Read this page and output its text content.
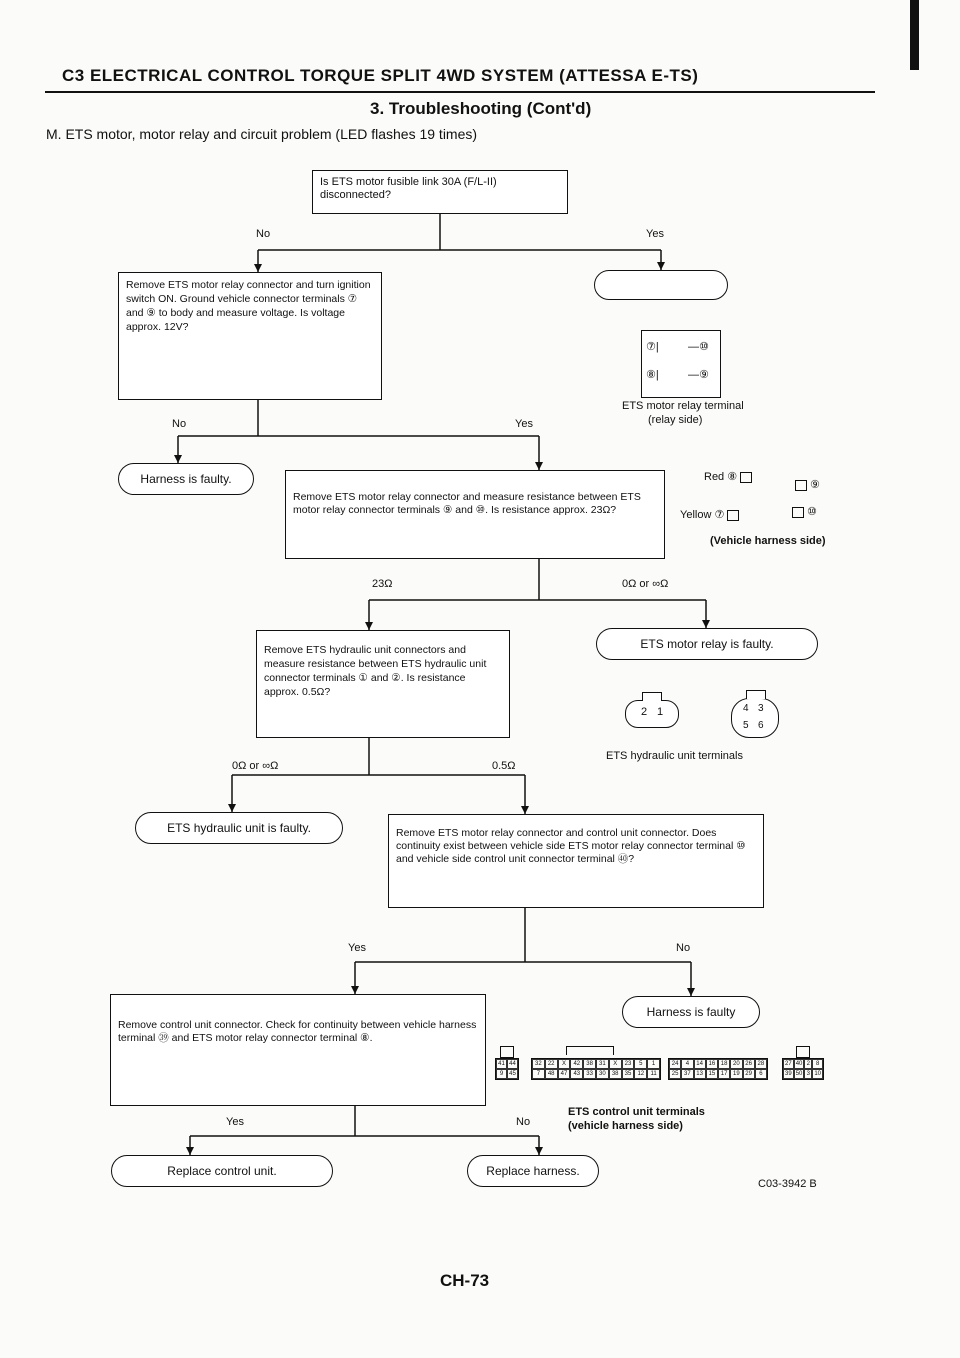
C3 ELECTRICAL CONTROL TORQUE SPLIT 4WD SYSTEM (ATTESSA E-TS)
3. Troubleshooting (Cont'd)
M. ETS motor, motor relay and circuit problem (LED flashes 19 times)
Is ETS motor fusible link 30A (F/L-II) disconnected?
No	Yes
Remove ETS motor relay connector and turn ignition switch ON. Ground vehicle connector terminals ⑦ and ⑨ to body and measure voltage. Is voltage approx. 12V?
⑦|	—⑩
⑧|	—⑨
ETS motor relay terminal
(relay side)
No	Yes
Harness is faulty.
Remove ETS motor relay connector and measure resistance between ETS motor relay connector terminals ⑨ and ⑩. Is resistance approx. 23Ω?
Red ⑧
⑨
Yellow ⑦	⑩
(Vehicle harness side)
23Ω	0Ω or ∞Ω
Remove ETS hydraulic unit connectors and measure resistance between ETS hydraulic unit connector terminals ① and ②. Is resistance approx. 0.5Ω?
ETS motor relay is faulty.
2 1	4 3
5 6
ETS hydraulic unit terminals
0Ω or ∞Ω	0.5Ω
ETS hydraulic unit is faulty.	Remove ETS motor relay connector and control unit connector. Does continuity exist between vehicle side ETS motor relay connector terminal ⑩ and vehicle side control unit connector terminal ㊵?
Yes	No
Remove control unit connector. Check for continuity between vehicle harness terminal ㊴ and ETS motor relay connector terminal ⑧.
Harness is faulty
41 44
9 45
32	22	X	42	38	31	X	23	5	1
7	48	47	43	33	30	38	35	12	11
24	4	14 16 18 20 26 28
25 37 13 15 17 19 29	6
27 40 2 8
39 50 3 10
ETS control unit terminals
(vehicle harness side)
Yes	No
Replace control unit.	Replace harness.
C03-3942 B
CH-73
